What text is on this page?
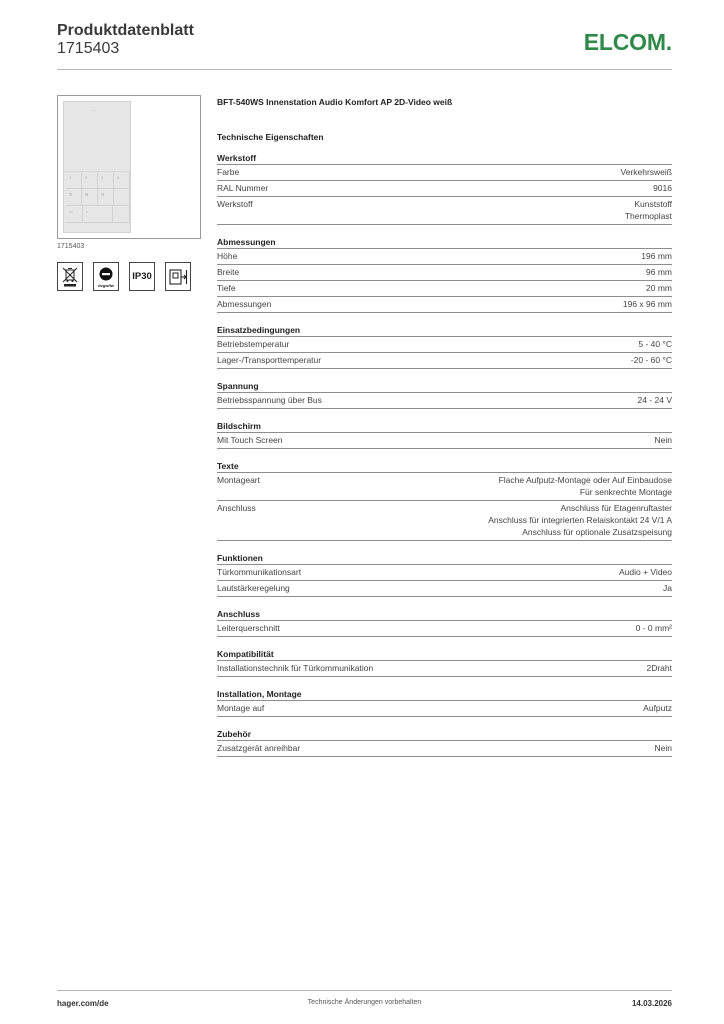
Produktdatenblatt
1715403	ELCOM.
─
1	2	3	4
⊡	⊞	⊟
▭	◐
1715403
dvgw/fw
IP30
BFT-540WS Innenstation Audio Komfort AP 2D-Video weiß
Technische Eigenschaften
Werkstoff
Farbe	Verkehrsweiß
RAL Nummer	9016
Werkstoff	Kunststoff
Thermoplast
Abmessungen
Höhe	196 mm
Breite	96 mm
Tiefe	20 mm
Abmessungen	196 x 96 mm
Einsatzbedingungen
Betriebstemperatur	5 - 40 °C
Lager-/Transporttemperatur	-20 - 60 °C
Spannung
Betriebsspannung über Bus	24 - 24 V
Bildschirm
Mit Touch Screen	Nein
Texte
Montageart	Flache Aufputz-Montage oder Auf Einbaudose
Für senkrechte Montage
Anschluss	Anschluss für Etagenruftaster
Anschluss für integrierten Relaiskontakt 24 V/1 A
Anschluss für optionale Zusatzspeisung
Funktionen
Türkommunikationsart	Audio + Video
Lautstärkeregelung	Ja
Anschluss
Leiterquerschnitt	0 - 0 mm²
Kompatibilität
Installationstechnik für Türkommunikation	2Draht
Installation, Montage
Montage auf	Aufputz
Zubehör
Zusatzgerät anreihbar	Nein
hager.com/de	Technische Änderungen vorbehalten	14.03.2026
